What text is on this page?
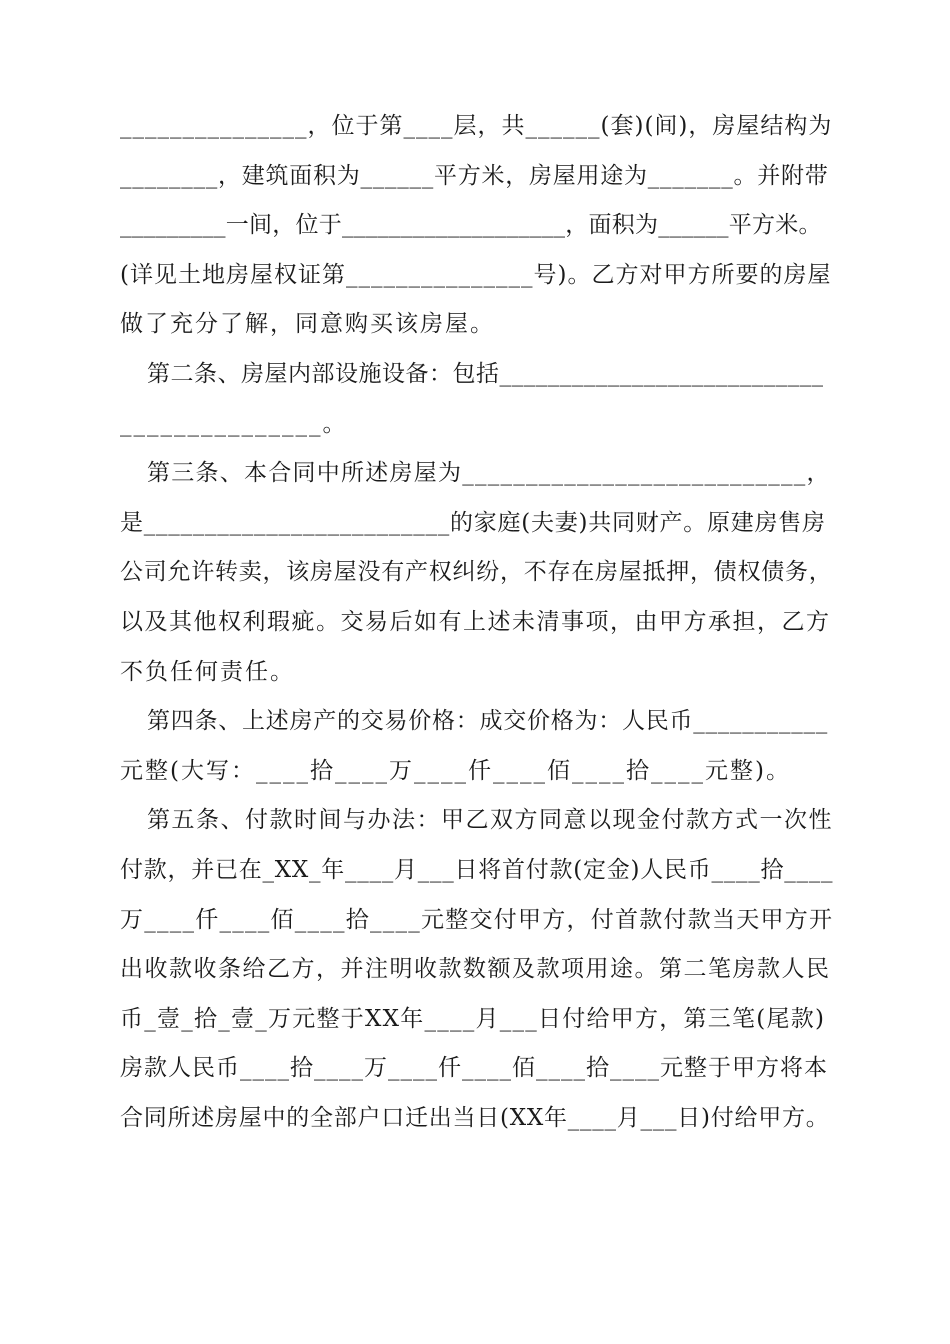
_______________，位于第____层，共______(套)(间)，房屋结构为

________，建筑面积为______平方米，房屋用途为_______。并附带

_________一间，位于___________________，面积为______平方米。

(详见土地房屋权证第_______________号)。乙方对甲方所要的房屋

做了充分了解，同意购买该房屋。

第二条、房屋内部设施设备：包括___________________________

_______________。

第三条、本合同中所述房屋为___________________________，

是_________________________的家庭(夫妻)共同财产。原建房售房

公司允许转卖，该房屋没有产权纠纷，不存在房屋抵押，债权债务，

以及其他权利瑕疵。交易后如有上述未清事项，由甲方承担，乙方

不负任何责任。

第四条、上述房产的交易价格：成交价格为：人民币___________

元整(大写：____拾____万____仟____佰____拾____元整)。

第五条、付款时间与办法：甲乙双方同意以现金付款方式一次性

付款，并已在_XX_年____月___日将首付款(定金)人民币____拾____

万____仟____佰____拾____元整交付甲方，付首款付款当天甲方开

出收款收条给乙方，并注明收款数额及款项用途。第二笔房款人民

币_壹_拾_壹_万元整于XX年____月___日付给甲方，第三笔(尾款)

房款人民币____拾____万____仟____佰____拾____元整于甲方将本

合同所述房屋中的全部户口迁出当日(XX年____月___日)付给甲方。
